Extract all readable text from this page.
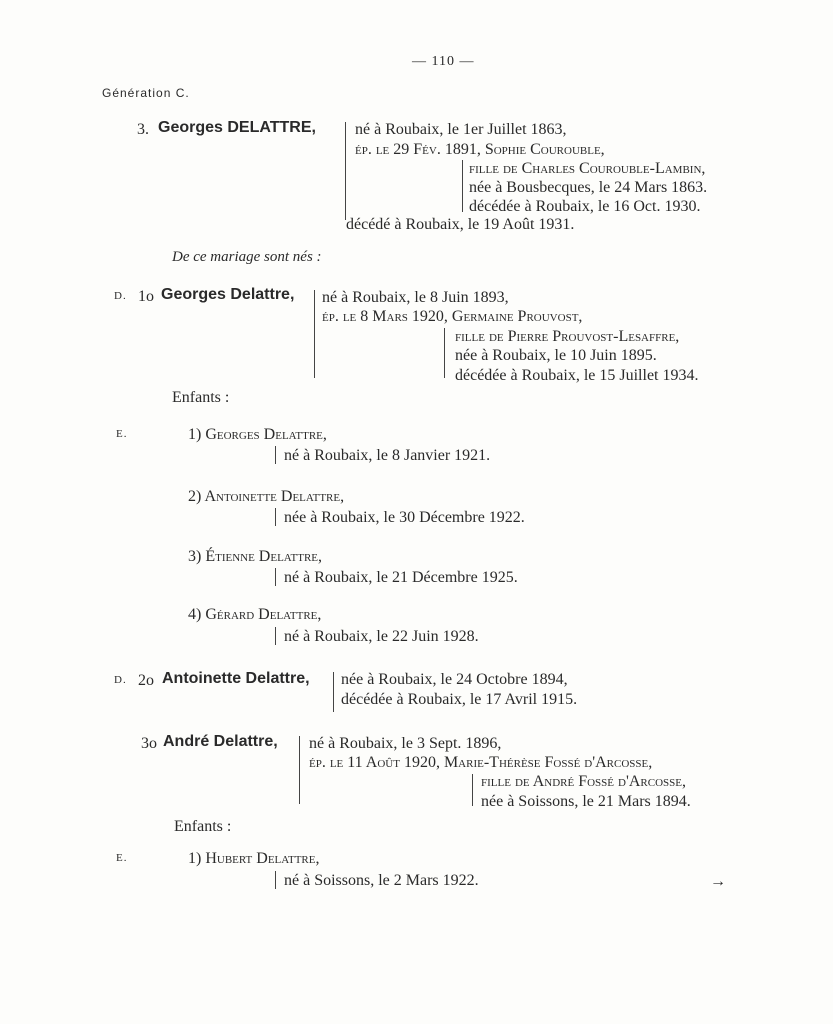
— 110 —
Génération C.
3. Georges DELATTRE, né à Roubaix, le 1er Juillet 1863,
ép. le 29 Fév. 1891, Sophie Courouble,
fille de Charles Courouble-Lambin,
née à Bousbecques, le 24 Mars 1863.
décédée à Roubaix, le 16 Oct. 1930.
décédé à Roubaix, le 19 Août 1931.
De ce mariage sont nés :
D. 1o Georges Delattre, né à Roubaix, le 8 Juin 1893,
ép. le 8 Mars 1920, Germaine Prouvost,
fille de Pierre Prouvost-Lesaffre,
née à Roubaix, le 10 Juin 1895.
décédée à Roubaix, le 15 Juillet 1934.
Enfants :
E.	1) Georges Delattre,
né à Roubaix, le 8 Janvier 1921.
2) Antoinette Delattre,
née à Roubaix, le 30 Décembre 1922.
3) Étienne Delattre,
né à Roubaix, le 21 Décembre 1925.
4) Gérard Delattre,
né à Roubaix, le 22 Juin 1928.
D. 2o Antoinette Delattre, née à Roubaix, le 24 Octobre 1894,
décédée à Roubaix, le 17 Avril 1915.
3o André Delattre, né à Roubaix, le 3 Sept. 1896,
ép. le 11 Août 1920, Marie-Thérèse Fossé d'Arcosse,
fille de André Fossé d'Arcosse,
née à Soissons, le 21 Mars 1894.
Enfants :
E.	1) Hubert Delattre,
né à Soissons, le 2 Mars 1922.	→
